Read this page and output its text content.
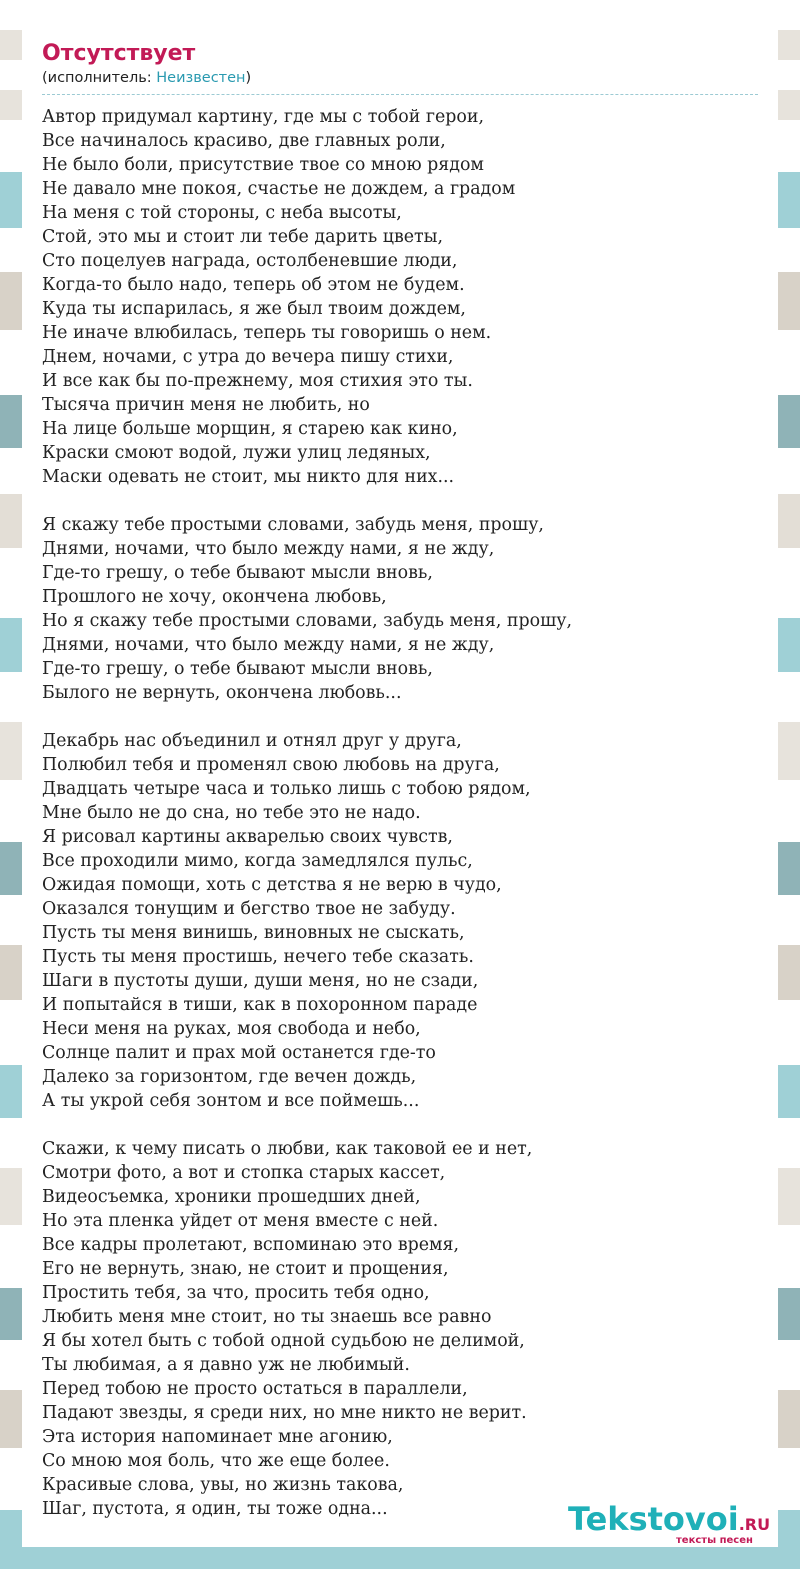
Отсутствует
(исполнитель: Неизвестен)
Автор придумал картину, где мы с тобой герои,
Все начиналось красиво, две главных роли,
Не было боли, присутствие твое со мною рядом
Не давало мне покоя, счастье не дождем, а градом
На меня с той стороны, с неба высоты,
Стой, это мы и стоит ли тебе дарить цветы,
Сто поцелуев награда, остолбеневшие люди,
Когда-то было надо, теперь об этом не будем.
Куда ты испарилась, я же был твоим дождем,
Не иначе влюбилась, теперь ты говоришь о нем.
Днем, ночами, с утра до вечера пишу стихи,
И все как бы по-прежнему, моя стихия это ты.
Тысяча причин меня не любить, но
На лице больше морщин, я старею как кино,
Краски смоют водой, лужи улиц ледяных,
Маски одевать не стоит, мы никто для них...
Я скажу тебе простыми словами, забудь меня, прошу,
Днями, ночами, что было между нами, я не жду,
Где-то грешу, о тебе бывают мысли вновь,
Прошлого не хочу, окончена любовь,
Но я скажу тебе простыми словами, забудь меня, прошу,
Днями, ночами, что было между нами, я не жду,
Где-то грешу, о тебе бывают мысли вновь,
Былого не вернуть, окончена любовь...
Декабрь нас объединил и отнял друг у друга,
Полюбил тебя и променял свою любовь на друга,
Двадцать четыре часа и только лишь с тобою рядом,
Мне было не до сна, но тебе это не надо.
Я рисовал картины акварелью своих чувств,
Все проходили мимо, когда замедлялся пульс,
Ожидая помощи, хоть с детства я не верю в чудо,
Оказался тонущим и бегство твое не забуду.
Пусть ты меня винишь, виновных не сыскать,
Пусть ты меня простишь, нечего тебе сказать.
Шаги в пустоты души, души меня, но не сзади,
И попытайся в тиши, как в похоронном параде
Неси меня на руках, моя свобода и небо,
Солнце палит и прах мой останется где-то
Далеко за горизонтом, где вечен дождь,
А ты укрой себя зонтом и все поймешь...
Скажи, к чему писать о любви, как таковой ее и нет,
Смотри фото, а вот и стопка старых кассет,
Видеосъемка, хроники прошедших дней,
Но эта пленка уйдет от меня вместе с ней.
Все кадры пролетают, вспоминаю это время,
Его не вернуть, знаю, не стоит и прощения,
Простить тебя, за что, просить тебя одно,
Любить меня мне стоит, но ты знаешь все равно
Я бы хотел быть с тобой одной судьбою не делимой,
Ты любимая, а я давно уж не любимый.
Перед тобою не просто остаться в параллели,
Падают звезды, я среди них, но мне никто не верит.
Эта история напоминает мне агонию,
Со мною моя боль, что же еще более.
Красивые слова, увы, но жизнь такова,
Шаг, пустота, я один, ты тоже одна...	Tekstovoi.RU
тексты песен
